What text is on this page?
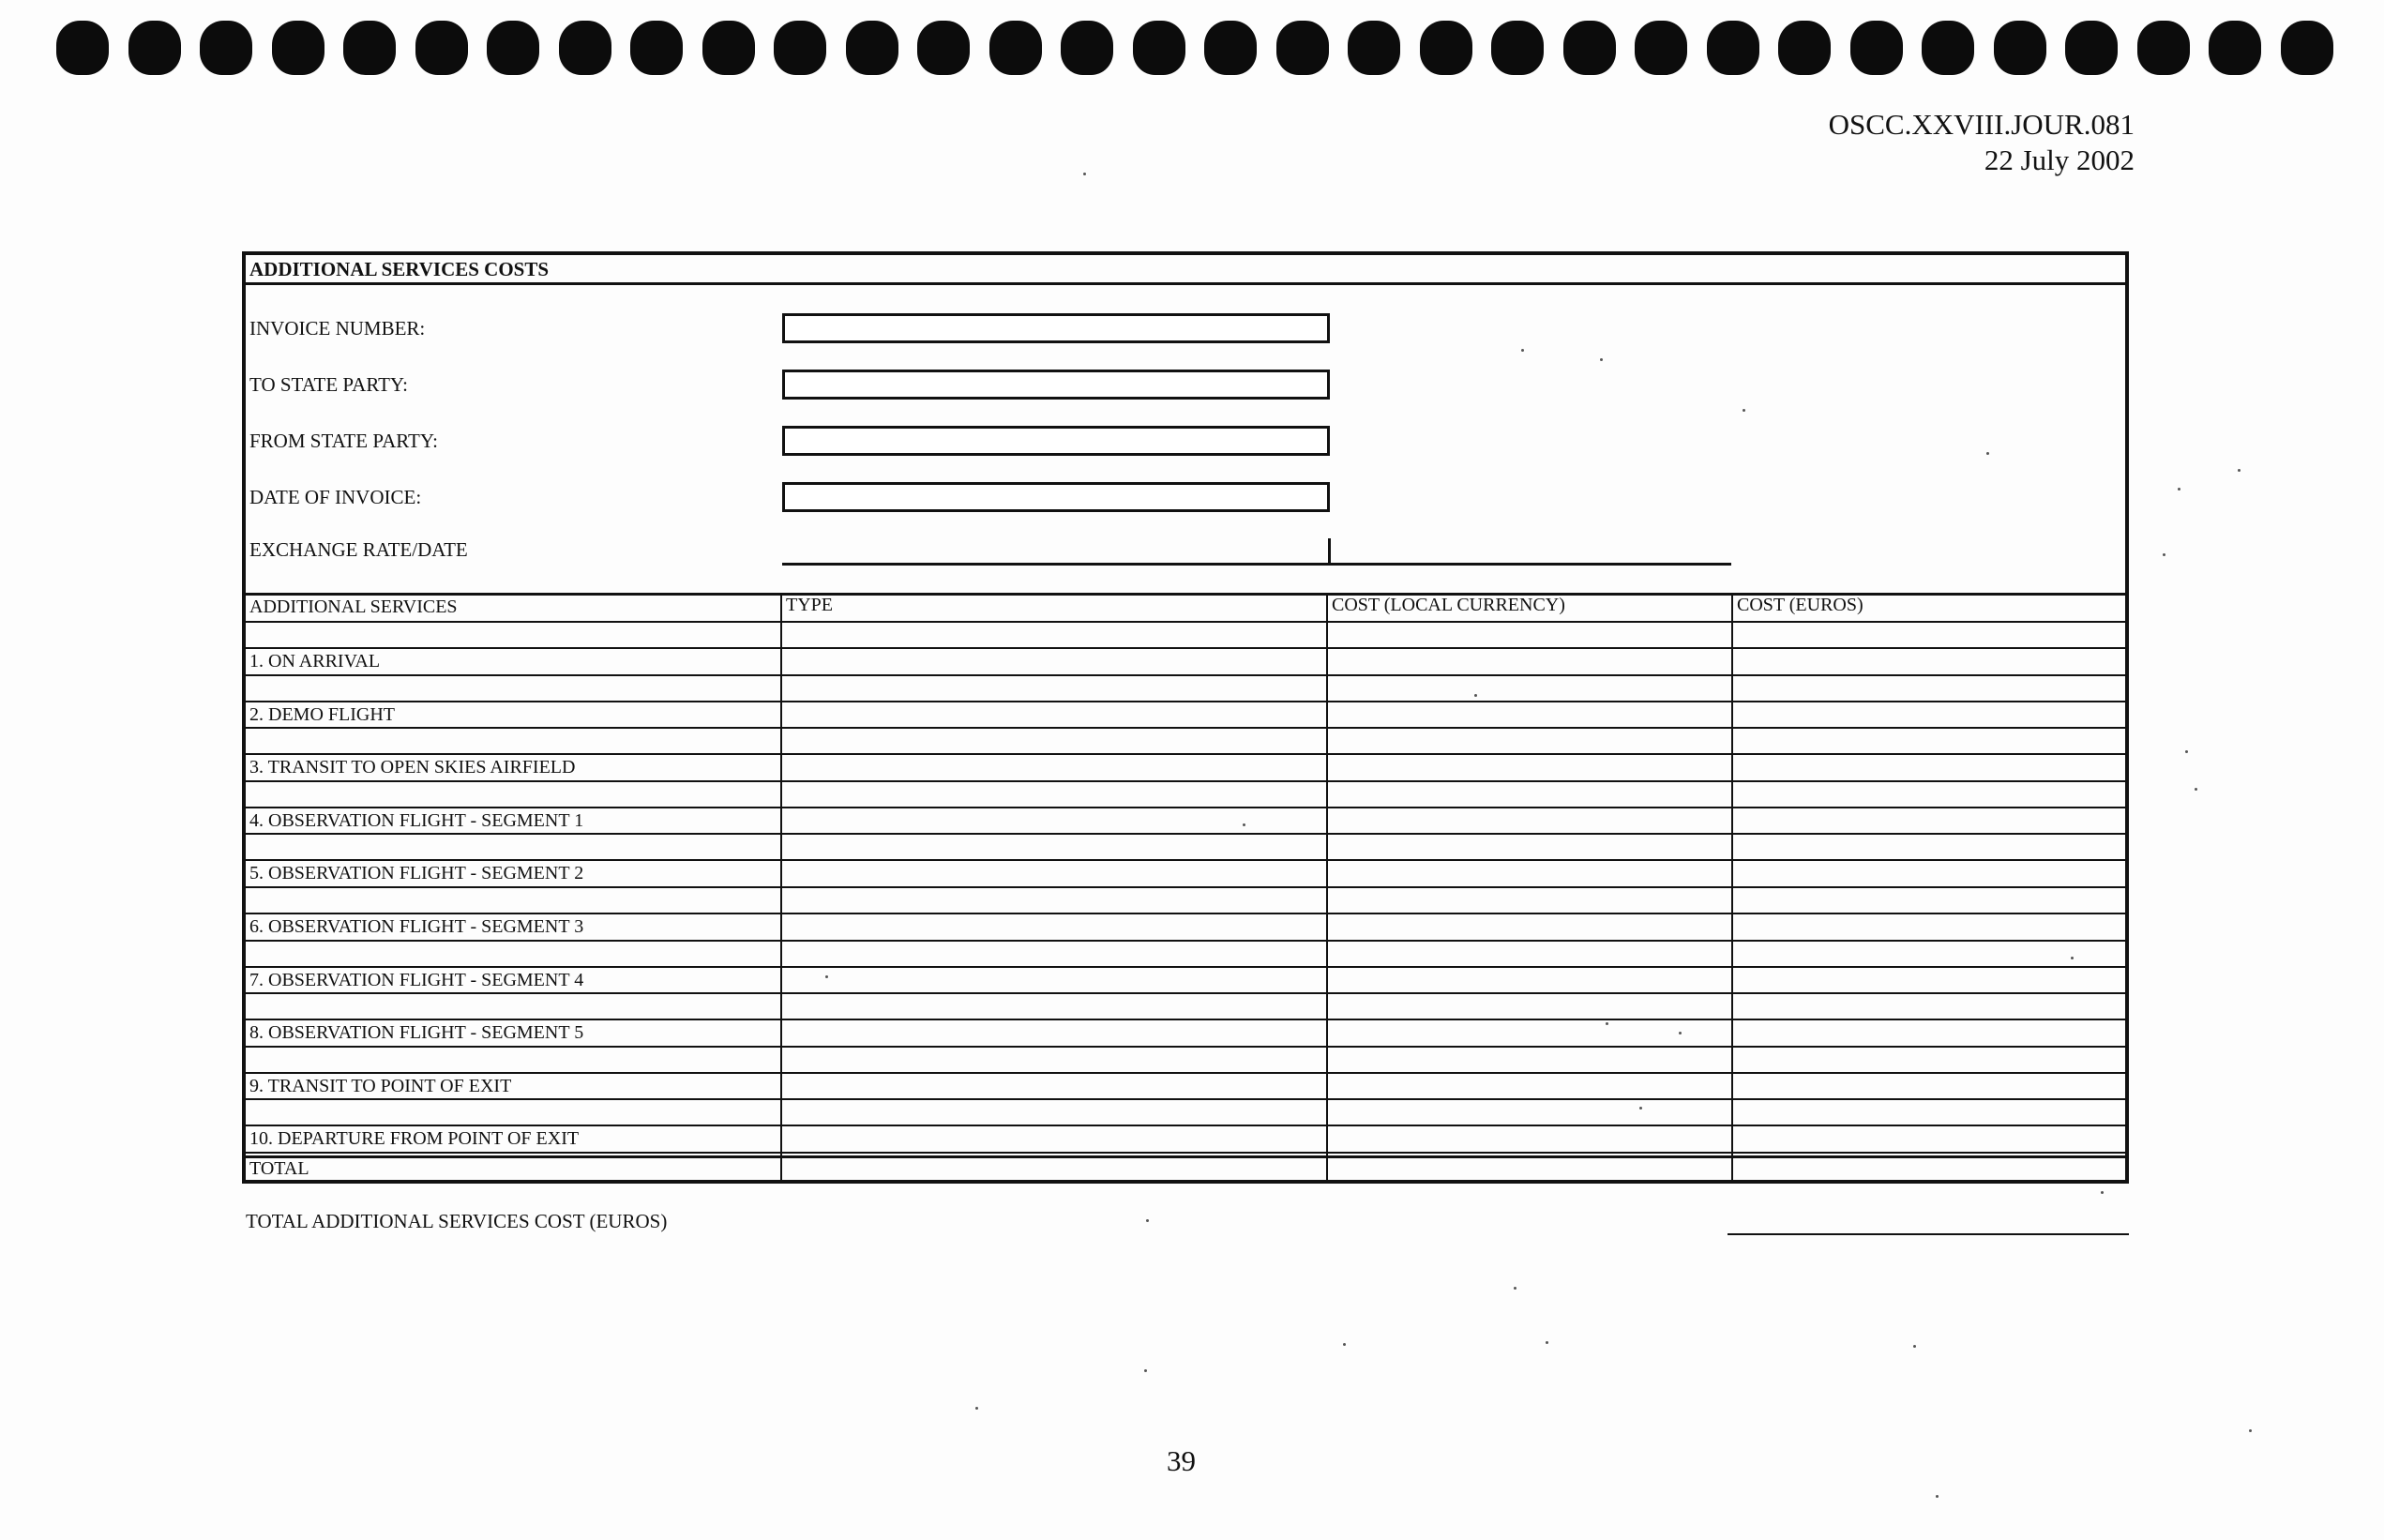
OSCC.XXVIII.JOUR.081
22 July 2002
ADDITIONAL SERVICES COSTS
INVOICE NUMBER:
TO STATE PARTY:
FROM STATE PARTY:
DATE OF INVOICE:
EXCHANGE RATE/DATE
ADDITIONAL SERVICES	TYPE	COST (LOCAL CURRENCY)	COST (EUROS)
1. ON ARRIVAL
2. DEMO FLIGHT
3. TRANSIT TO OPEN SKIES AIRFIELD
4. OBSERVATION FLIGHT - SEGMENT 1
5. OBSERVATION FLIGHT - SEGMENT 2
6. OBSERVATION FLIGHT - SEGMENT 3
7. OBSERVATION FLIGHT - SEGMENT 4
8. OBSERVATION FLIGHT - SEGMENT 5
9. TRANSIT TO POINT OF EXIT
10. DEPARTURE FROM POINT OF EXIT
TOTAL
TOTAL ADDITIONAL SERVICES COST (EUROS)
39
